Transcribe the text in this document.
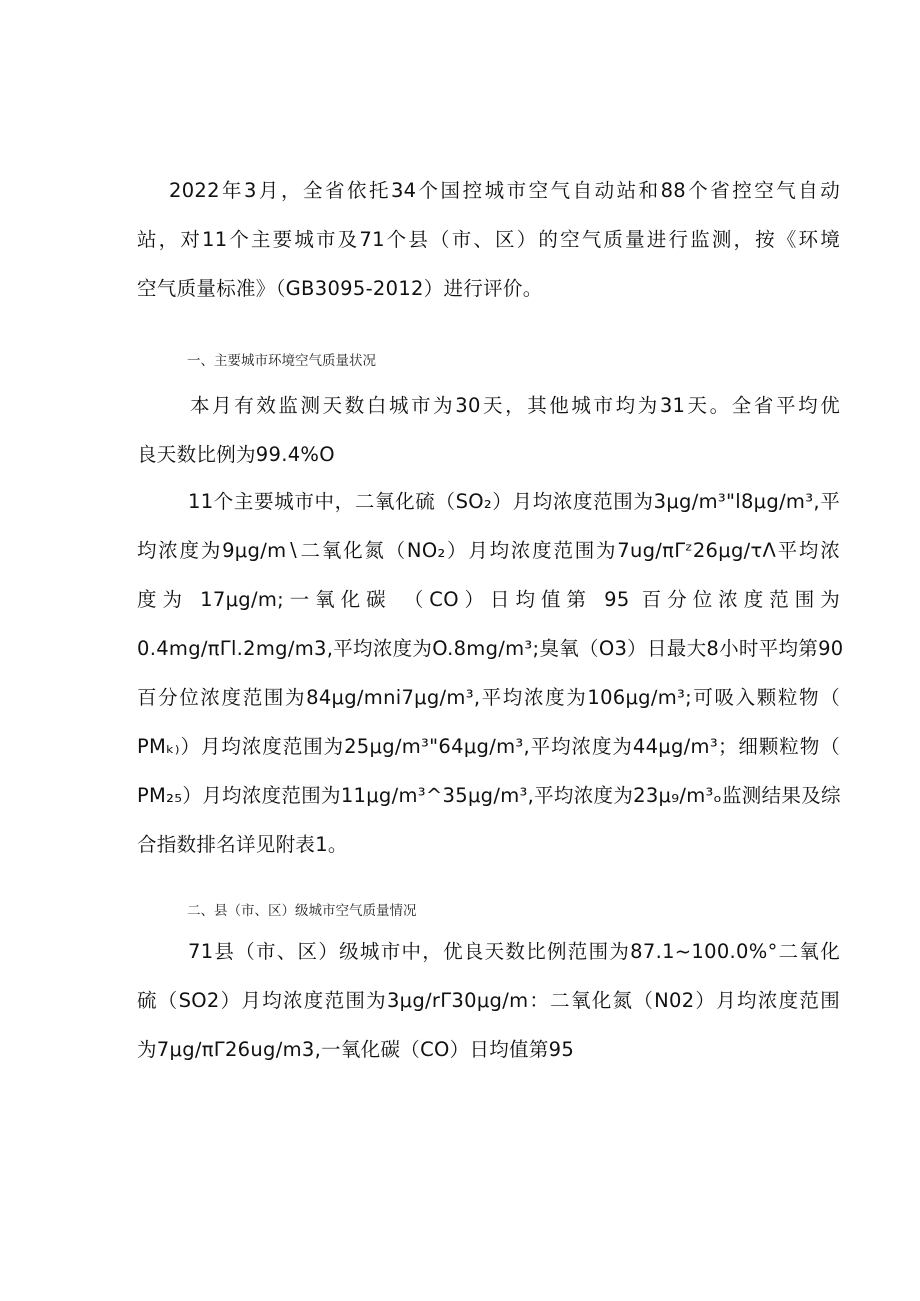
2022年3月，全省依托34个国控城市空气自动站和88个省控空气自动
站，对11个主要城市及71个县（市、区）的空气质量进行监测，按《环境
空气质量标准》（GB3095-2012）进行评价。

一、主要城市环境空气质量状况

本月有效监测天数白城市为30天，其他城市均为31天。全省平均优
良天数比例为99.4%O
11个主要城市中，二氧化硫（SO₂）月均浓度范围为3μg∕m³"l8μg∕m³,平
均浓度为9μg∕m∖二氧化氮（NO₂）月均浓度范围为7ug∕πΓᶻ26μg∕τΛ平均浓
度为 17μg/m;一氧化碳 （CO）日均值第 95 百分位浓度范围为
0.4mg∕πΓl.2mg∕m3,平均浓度为O.8mg∕m³;臭氧（O3）日最大8小时平均第90
百分位浓度范围为84μg∕mni7μg∕m³,平均浓度为106μg∕m³;可吸入颗粒物（
PMₖ₎）月均浓度范围为25μg∕m³"64μg∕m³,平均浓度为44μg/m³；细颗粒物（
PM₂₅）月均浓度范围为11μg∕m³^35μg∕m³,平均浓度为23μ₉∕m³ₒ监测结果及综
合指数排名详见附表1。

二、县（市、区）级城市空气质量情况

71县（市、区）级城市中，优良天数比例范围为87.1~100.0%°二氧化
硫（SO2）月均浓度范围为3μg∕rΓ30μg/m：二氧化氮（N02）月均浓度范围
为7μg∕πΓ26ug∕m3,一氧化碳（CO）日均值第95
